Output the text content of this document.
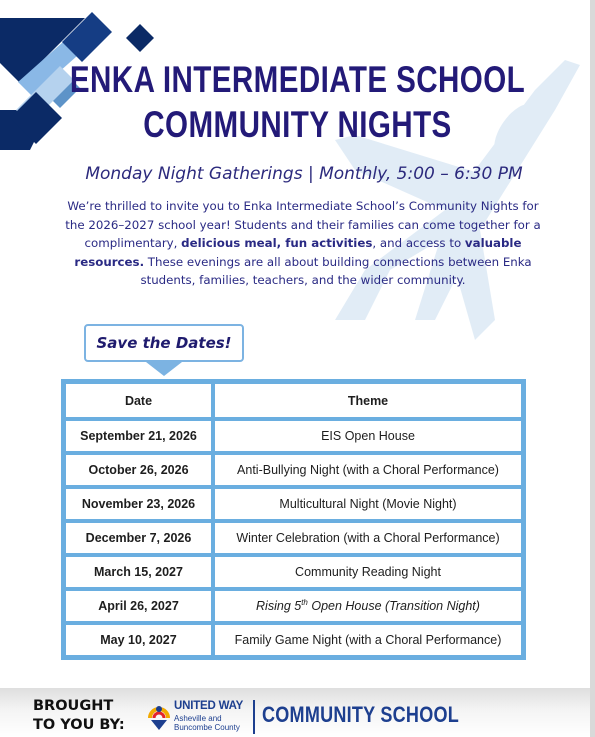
ENKA INTERMEDIATE SCHOOL
COMMUNITY NIGHTS
Monday Night Gatherings | Monthly, 5:00 – 6:30 PM
We’re thrilled to invite you to Enka Intermediate School’s Community Nights for the 2026–2027 school year! Students and their families can come together for a complimentary, delicious meal, fun activities, and access to valuable resources. These evenings are all about building connections between Enka students, families, teachers, and the wider community.
Save the Dates!
Date	Theme
September 21, 2026	EIS Open House
October 26, 2026	Anti-Bullying Night (with a Choral Performance)
November 23, 2026	Multicultural Night (Movie Night)
December 7, 2026	Winter Celebration (with a Choral Performance)
March 15, 2027	Community Reading Night
April 26, 2027	Rising 5th Open House (Transition Night)
May 10, 2027	Family Game Night (with a Choral Performance)
BROUGHT
TO YOU BY:
UNITED WAY
Asheville and
Buncombe County
COMMUNITY SCHOOL
